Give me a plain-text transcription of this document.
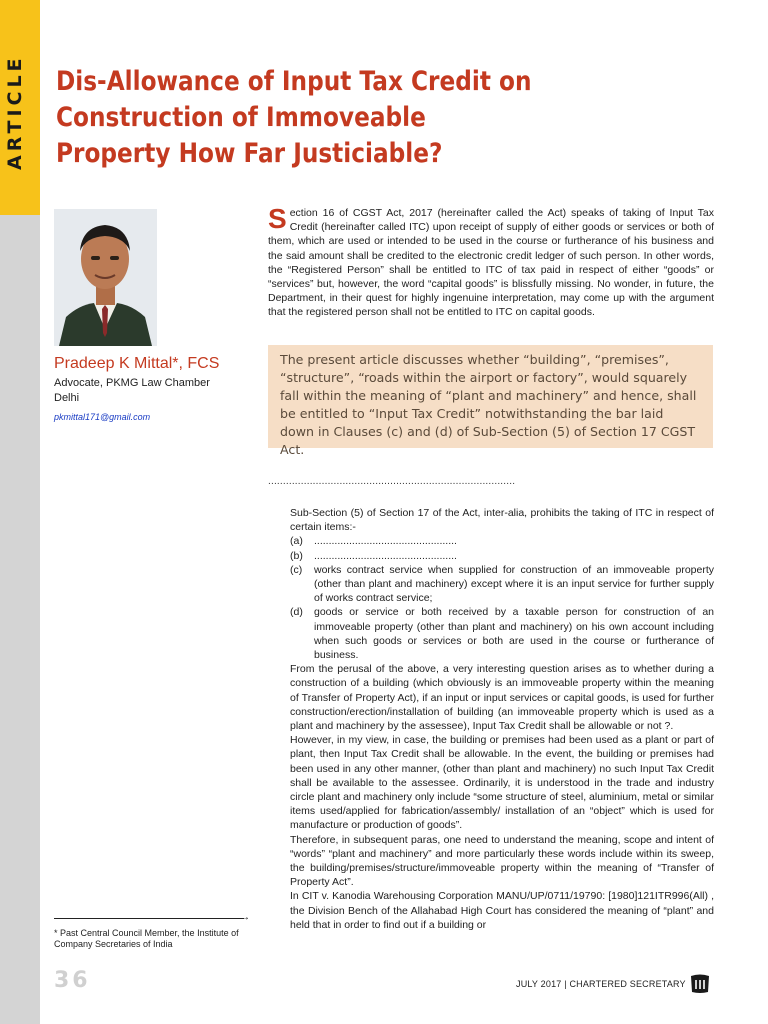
ARTICLE Dis-Allowance of Input Tax Credit on Construction of Immoveable Property How Far Justiciable?
Pradeep K Mittal*, FCS
Advocate, PKMG Law Chamber
Delhi
pkmittal171@gmail.com
S ection 16 of CGST Act, 2017 (hereinafter called the Act) speaks of taking of Input Tax Credit (hereinafter called ITC) upon receipt of supply of either goods or services or both of them, which are used or intended to be used in the course or furtherance of his business and the said amount shall be credited to the electronic credit ledger of such person. In other words, the “Registered Person” shall be entitled to ITC of tax paid in respect of either “goods” or “services” but, however, the word “capital goods” is blissfully missing. No wonder, in future, the Department, in their quest for highly ingenuine interpretation, may come up with the argument that the registered person shall not be entitled to ITC on capital goods.
The present article discusses whether “building”, “premises”, “structure”, “roads within the airport or factory”, would squarely fall within the meaning of “plant and machinery” and hence, shall be entitled to “Input Tax Credit” notwithstanding the bar laid down in Clauses (c) and (d) of Sub-Section (5) of Section 17 CGST Act.
...................................................................................

Sub-Section (5) of Section 17 of the Act, inter-alia, prohibits the taking of ITC in respect of certain items:-

(a)	.................................................
(b)	.................................................
(c)	works contract service when supplied for construction of an immoveable property (other than plant and machinery) except where it is an input service for further supply of works contract service;
(d)	goods or service or both received by a taxable person for construction of an immoveable property (other than plant and machinery) on his own account including when such goods or services or both are used in the course or furtherance of business.

From the perusal of the above, a very interesting question arises as to whether during a construction of a building (which obviously is an immoveable property within the meaning of Transfer of Property Act), if an input or input services or capital goods, is used for further construction/erection/installation of building (an immoveable property which is used as a plant and machinery by the assessee), Input Tax Credit shall be allowable or not ?.

However, in my view, in case, the building or premises had been used as a plant or part of plant, then Input Tax Credit shall be allowable. In the event, the building or premises had been used in any other manner, (other than plant and machinery) no such Input Tax Credit shall be available to the assessee. Ordinarily, it is understood in the trade and industry circle plant and machinery only include “some structure of steel, aluminium, metal or similar items used/applied for fabrication/assembly/ installation of an “object” which is used for manufacture or production of goods”.

Therefore, in subsequent paras, one need to understand the meaning, scope and intent of “words” “plant and machinery” and more particularly these words include within its sweep, the building/premises/structure/immoveable property within the meaning of “Transfer of Property Act”.

In CIT v. Kanodia Warehousing Corporation MANU/UP/0711/19790: [1980]121ITR996(All) , the Division Bench of the Allahabad High Court has considered the meaning of “plant” and held that in order to find out if a building or

→
* Past Central Council Member, the Institute of Company Secretaries of India
36	JULY 2017 | CHARTERED SECRETARY
